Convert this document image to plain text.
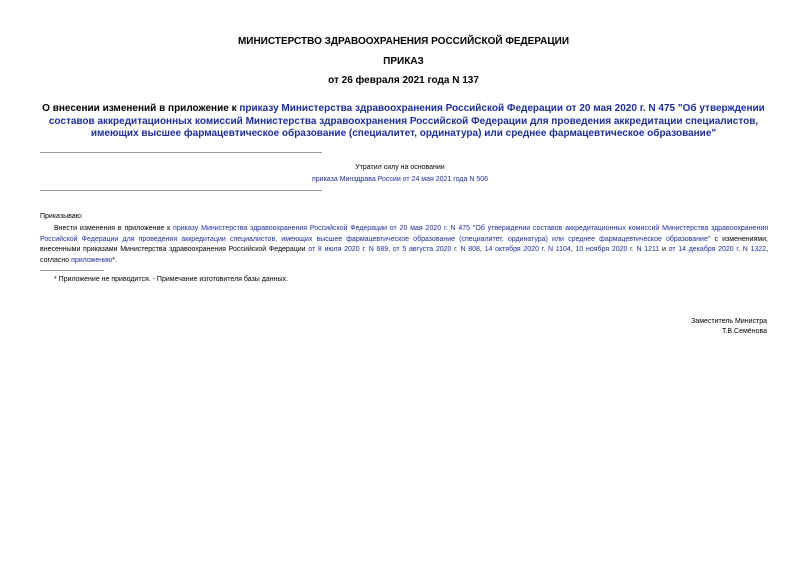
МИНИСТЕРСТВО ЗДРАВООХРАНЕНИЯ РОССИЙСКОЙ ФЕДЕРАЦИИ
ПРИКАЗ
от 26 февраля 2021 года N 137
О внесении изменений в приложение к приказу Министерства здравоохранения Российской Федерации от 20 мая 2020 г. N 475 "Об утверждении составов аккредитационных комиссий Министерства здравоохранения Российской Федерации для проведения аккредитации специалистов, имеющих высшее фармацевтическое образование (специалитет, ординатура) или среднее фармацевтическое образование"
Утратил силу на основании
приказа Минздрава России от 24 мая 2021 года N 506
Приказываю:
Внести изменения в приложение к приказу Министерства здравоохранения Российской Федерации от 20 мая 2020 г. N 475 "Об утверждении составов аккредитационных комиссий Министерства здравоохранения Российской Федерации для проведения аккредитации специалистов, имеющих высшее фармацевтическое образование (специалитет, ординатура) или среднее фармацевтическое образование" с изменениями, внесенными приказами Министерства здравоохранения Российской Федерации от 8 июля 2020 г. N 689, от 5 августа 2020 г. N 808, 14 октября 2020 г. N 1104, 10 ноября 2020 г. N 1211 и от 14 декабря 2020 г. N 1322, согласно приложению*.
* Приложение не приводится. - Примечание изготовителя базы данных.
Заместитель Министра
Т.В.Семёнова
